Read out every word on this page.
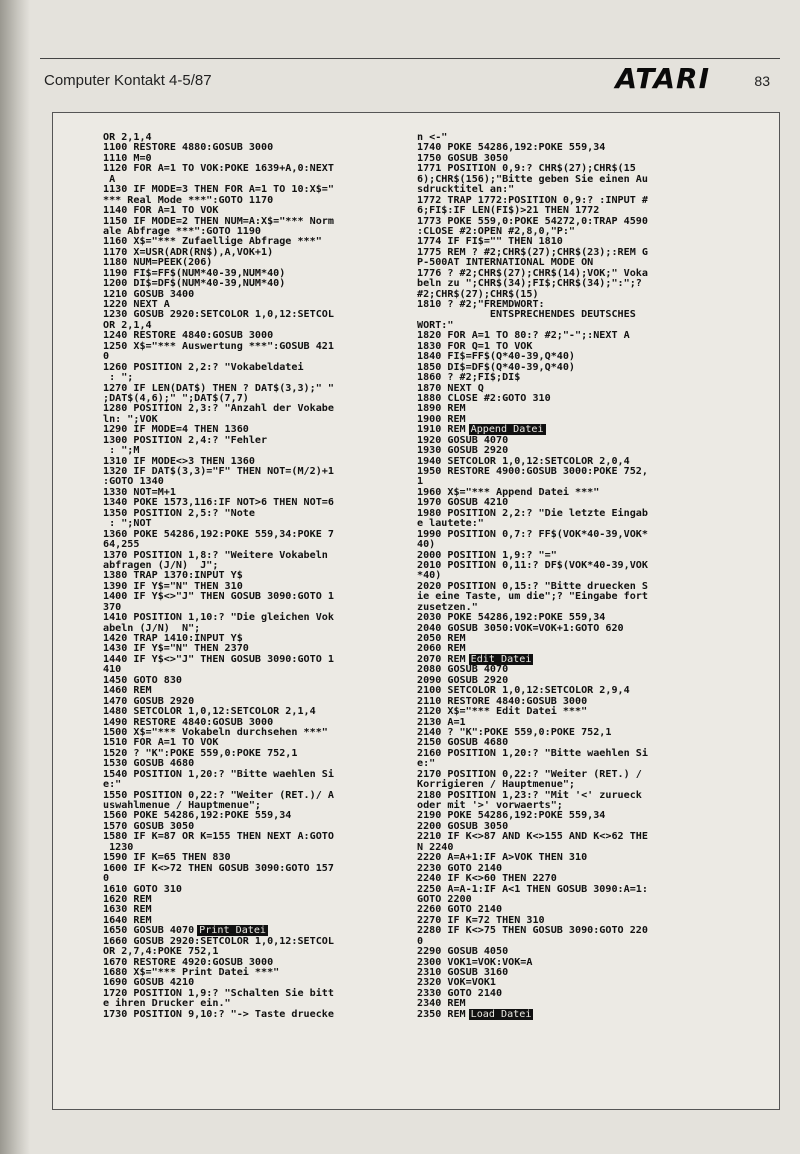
Computer Kontakt 4-5/87	ATARI	83
OR 2,1,4
1100 RESTORE 4880:GOSUB 3000
1110 M=0
1120 FOR A=1 TO VOK:POKE 1639+A,0:NEXT
A
1130 IF MODE=3 THEN FOR A=1 TO 10:X$="
*** Real Mode ***":GOTO 1170
1140 FOR A=1 TO VOK
1150 IF MODE=2 THEN NUM=A:X$="*** Norm
ale Abfrage ***":GOTO 1190
1160 X$="*** Zufaellige Abfrage ***"
1170 X=USR(ADR(RN$),A,VOK+1)
1180 NUM=PEEK(206)
1190 FI$=FF$(NUM*40-39,NUM*40)
1200 DI$=DF$(NUM*40-39,NUM*40)
1210 GOSUB 3400
1220 NEXT A
1230 GOSUB 2920:SETCOLOR 1,0,12:SETCOL
OR 2,1,4
1240 RESTORE 4840:GOSUB 3000
1250 X$="*** Auswertung ***":GOSUB 421
0
1260 POSITION 2,2:? "Vokabeldatei
: ";
1270 IF LEN(DAT$) THEN ? DAT$(3,3);" "
;DAT$(4,6);" ";DAT$(7,7)
1280 POSITION 2,3:? "Anzahl der Vokabe
ln: ";VOK
1290 IF MODE=4 THEN 1360
1300 POSITION 2,4:? "Fehler
: ";M
1310 IF MODE<>3 THEN 1360
1320 IF DAT$(3,3)="F" THEN NOT=(M/2)+1
:GOTO 1340
1330 NOT=M+1
1340 POKE 1573,116:IF NOT>6 THEN NOT=6
1350 POSITION 2,5:? "Note
: ";NOT
1360 POKE 54286,192:POKE 559,34:POKE 7
64,255
1370 POSITION 1,8:? "Weitere Vokabeln
abfragen (J/N)  J";
1380 TRAP 1370:INPUT Y$
1390 IF Y$="N" THEN 310
1400 IF Y$<>"J" THEN GOSUB 3090:GOTO 1
370
1410 POSITION 1,10:? "Die gleichen Vok
abeln (J/N)  N";
1420 TRAP 1410:INPUT Y$
1430 IF Y$="N" THEN 2370
1440 IF Y$<>"J" THEN GOSUB 3090:GOTO 1
410
1450 GOTO 830
1460 REM
1470 GOSUB 2920
1480 SETCOLOR 1,0,12:SETCOLOR 2,1,4
1490 RESTORE 4840:GOSUB 3000
1500 X$="*** Vokabeln durchsehen ***"
1510 FOR A=1 TO VOK
1520 ? "K":POKE 559,0:POKE 752,1
1530 GOSUB 4680
1540 POSITION 1,20:? "Bitte waehlen Si
e:"
1550 POSITION 0,22:? "Weiter (RET.)/ A
uswahlmenue / Hauptmenue";
1560 POKE 54286,192:POKE 559,34
1570 GOSUB 3050
1580 IF K=87 OR K=155 THEN NEXT A:GOTO
1230
1590 IF K=65 THEN 830
1600 IF K<>72 THEN GOSUB 3090:GOTO 157
0
1610 GOTO 310
1620 REM
1630 REM
1640 REM
1650 GOSUB 4070 Print Datei
1660 GOSUB 2920:SETCOLOR 1,0,12:SETCOL
OR 2,7,4:POKE 752,1
1670 RESTORE 4920:GOSUB 3000
1680 X$="*** Print Datei ***"
1690 GOSUB 4210
1720 POSITION 1,9:? "Schalten Sie bitt
e ihren Drucker ein."
1730 POSITION 9,10:? "-> Taste druecke
n <-"
1740 POKE 54286,192:POKE 559,34
1750 GOSUB 3050
1771 POSITION 0,9:? CHR$(27);CHR$(15
6);CHR$(156);"Bitte geben Sie einen Au
sdrucktitel an:"
1772 TRAP 1772:POSITION 0,9:? :INPUT #
6;FI$:IF LEN(FI$)>21 THEN 1772
1773 POKE 559,0:POKE 54272,0:TRAP 4590
:CLOSE #2:OPEN #2,8,0,"P:"
1774 IF FI$="" THEN 1810
1775 REM ? #2;CHR$(27);CHR$(23);:REM G
P-500AT INTERNATIONAL MODE ON
1776 ? #2;CHR$(27);CHR$(14);VOK;" Voka
beln zu ";CHR$(34);FI$;CHR$(34);":";?
#2;CHR$(27);CHR$(15)
1810 ? #2;"FREMDWORT:
ENTSPRECHENDES DEUTSCHES
WORT:"
1820 FOR A=1 TO 80:? #2;"-";:NEXT A
1830 FOR Q=1 TO VOK
1840 FI$=FF$(Q*40-39,Q*40)
1850 DI$=DF$(Q*40-39,Q*40)
1860 ? #2;FI$;DI$
1870 NEXT Q
1880 CLOSE #2:GOTO 310
1890 REM
1900 REM
1910 REM Append Datei
1920 GOSUB 4070
1930 GOSUB 2920
1940 SETCOLOR 1,0,12:SETCOLOR 2,0,4
1950 RESTORE 4900:GOSUB 3000:POKE 752,
1
1960 X$="*** Append Datei ***"
1970 GOSUB 4210
1980 POSITION 2,2:? "Die letzte Eingab
e lautete:"
1990 POSITION 0,7:? FF$(VOK*40-39,VOK*
40)
2000 POSITION 1,9:? "="
2010 POSITION 0,11:? DF$(VOK*40-39,VOK
*40)
2020 POSITION 0,15:? "Bitte druecken S
ie eine Taste, um die";? "Eingabe fort
zusetzen."
2030 POKE 54286,192:POKE 559,34
2040 GOSUB 3050:VOK=VOK+1:GOTO 620
2050 REM
2060 REM
2070 REM Edit Datei
2080 GOSUB 4070
2090 GOSUB 2920
2100 SETCOLOR 1,0,12:SETCOLOR 2,9,4
2110 RESTORE 4840:GOSUB 3000
2120 X$="*** Edit Datei ***"
2130 A=1
2140 ? "K":POKE 559,0:POKE 752,1
2150 GOSUB 4680
2160 POSITION 1,20:? "Bitte waehlen Si
e:"
2170 POSITION 0,22:? "Weiter (RET.) /
Korrigieren / Hauptmenue";
2180 POSITION 1,23:? "Mit '<' zurueck
oder mit '>' vorwaerts";
2190 POKE 54286,192:POKE 559,34
2200 GOSUB 3050
2210 IF K<>87 AND K<>155 AND K<>62 THE
N 2240
2220 A=A+1:IF A>VOK THEN 310
2230 GOTO 2140
2240 IF K<>60 THEN 2270
2250 A=A-1:IF A<1 THEN GOSUB 3090:A=1:
GOTO 2200
2260 GOTO 2140
2270 IF K=72 THEN 310
2280 IF K<>75 THEN GOSUB 3090:GOTO 220
0
2290 GOSUB 4050
2300 VOK1=VOK:VOK=A
2310 GOSUB 3160
2320 VOK=VOK1
2330 GOTO 2140
2340 REM
2350 REM Load Datei
